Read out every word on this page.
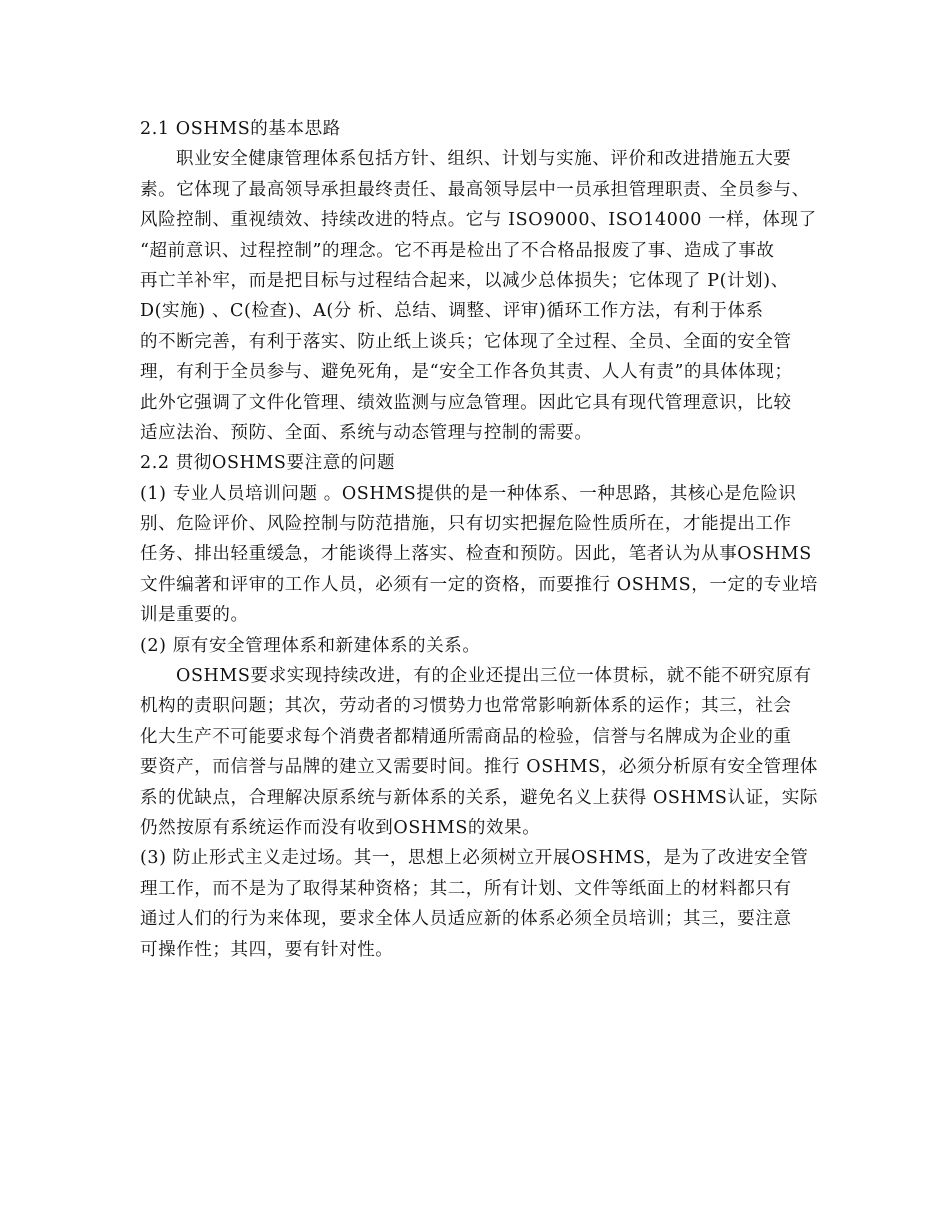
2.1 OSHMS的基本思路
职业安全健康管理体系包括方针、组织、计划与实施、评价和改进措施五大要
素。它体现了最高领导承担最终责任、最高领导层中一员承担管理职责、全员参与、
风险控制、重视绩效、持续改进的特点。它与 ISO9000、ISO14000 一样，体现了
“超前意识、过程控制”的理念。它不再是检出了不合格品报废了事、造成了事故
再亡羊补牢，而是把目标与过程结合起来，以减少总体损失；它体现了 P(计划)、
D(实施) 、C(检查)、A(分 析、总结、调整、评审)循环工作方法，有利于体系
的不断完善，有利于落实、防止纸上谈兵；它体现了全过程、全员、全面的安全管
理，有利于全员参与、避免死角，是“安全工作各负其责、人人有责”的具体体现；
此外它强调了文件化管理、绩效监测与应急管理。因此它具有现代管理意识，比较
适应法治、预防、全面、系统与动态管理与控制的需要。
2.2 贯彻OSHMS要注意的问题
(1) 专业人员培训问题 。OSHMS提供的是一种体系、一种思路，其核心是危险识
别、危险评价、风险控制与防范措施，只有切实把握危险性质所在，才能提出工作
任务、排出轻重缓急，才能谈得上落实、检查和预防。因此，笔者认为从事OSHMS
文件编著和评审的工作人员，必须有一定的资格，而要推行 OSHMS，一定的专业培
训是重要的。
(2) 原有安全管理体系和新建体系的关系。
OSHMS要求实现持续改进，有的企业还提出三位一体贯标，就不能不研究原有
机构的责职问题；其次，劳动者的习惯势力也常常影响新体系的运作；其三，社会
化大生产不可能要求每个消费者都精通所需商品的检验，信誉与名牌成为企业的重
要资产，而信誉与品牌的建立又需要时间。推行 OSHMS，必须分析原有安全管理体
系的优缺点，合理解决原系统与新体系的关系，避免名义上获得 OSHMS认证，实际
仍然按原有系统运作而没有收到OSHMS的效果。
(3) 防止形式主义走过场。其一，思想上必须树立开展OSHMS，是为了改进安全管
理工作，而不是为了取得某种资格；其二，所有计划、文件等纸面上的材料都只有
通过人们的行为来体现，要求全体人员适应新的体系必须全员培训；其三，要注意
可操作性；其四，要有针对性。
